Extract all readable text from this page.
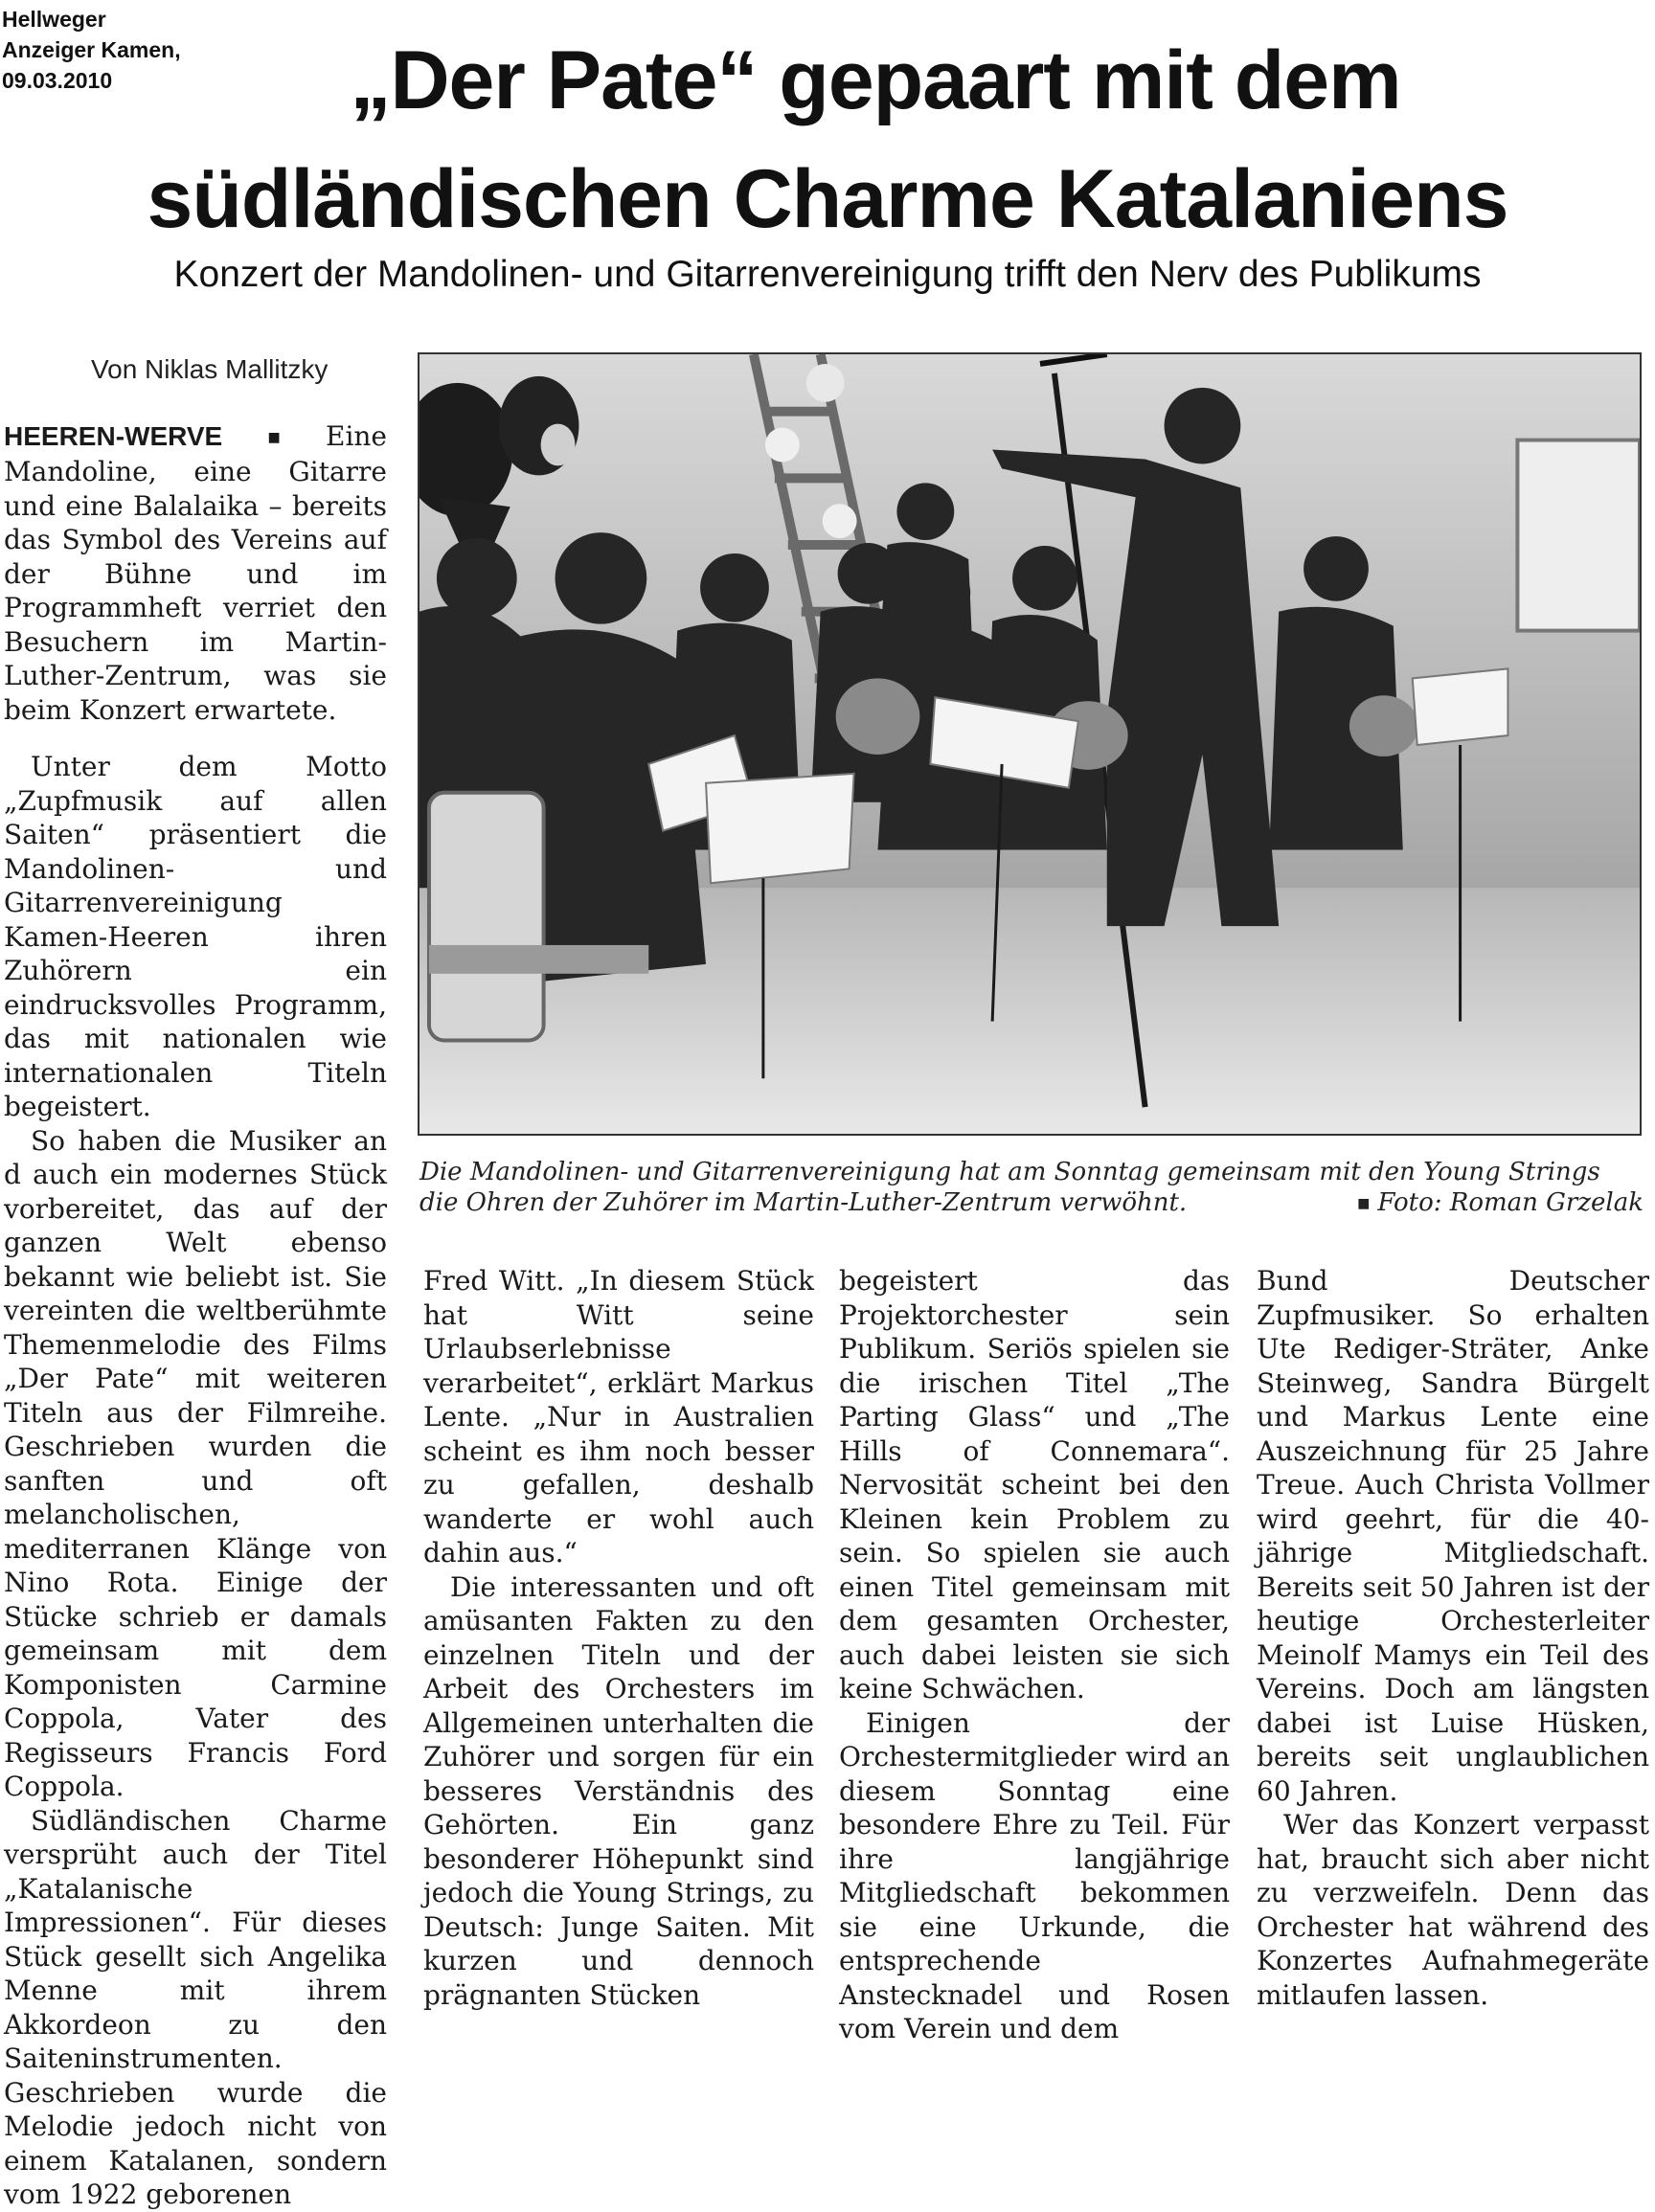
Hellweger
Anzeiger Kamen,
09.03.2010	„Der Pate“ gepaart mit dem
südländischen Charme Katalaniens
Konzert der Mandolinen- und Gitarrenvereinigung trifft den Nerv des Publikums
Von Niklas Mallitzky
Die Mandolinen- und Gitarrenvereinigung hat am Sonntag gemeinsam mit den Young Strings die Ohren der Zuhörer im Martin-Luther-Zentrum verwöhnt.	■ Foto: Roman Grzelak

HEEREN-WERVE ■ Eine Mandoline, eine Gitarre und eine Balalaika – bereits das Symbol des Vereins auf der Bühne und im Programmheft verriet den Besuchern im Martin-Luther-Zentrum, was sie beim Konzert erwartete.

Unter dem Motto „Zupfmusik auf allen Saiten“ präsentiert die Mandolinen- und Gitarrenvereinigung Kamen-Heeren ihren Zuhörern ein eindrucksvolles Programm, das mit nationalen wie internationalen Titeln begeistert.

So haben die Musiker an d auch ein modernes Stück vorbereitet, das auf der ganzen Welt ebenso bekannt wie beliebt ist. Sie vereinten die weltberühmte Themenmelodie des Films „Der Pate“ mit weiteren Titeln aus der Filmreihe. Geschrieben wurden die sanften und oft melancholischen, mediterranen Klänge von Nino Rota. Einige der Stücke schrieb er damals gemeinsam mit dem Komponisten Carmine Coppola, Vater des Regisseurs Francis Ford Coppola.

Südländischen Charme versprüht auch der Titel „Katalanische Impressionen“. Für dieses Stück gesellt sich Angelika Menne mit ihrem Akkordeon zu den Saiteninstrumenten. Geschrieben wurde die Melodie jedoch nicht von einem Katalanen, sondern vom 1922 geborenen

Fred Witt. „In diesem Stück hat Witt seine Urlaubserlebnisse verarbeitet“, erklärt Markus Lente. „Nur in Australien scheint es ihm noch besser zu gefallen, deshalb wanderte er wohl auch dahin aus.“

Die interessanten und oft amüsanten Fakten zu den einzelnen Titeln und der Arbeit des Orchesters im Allgemeinen unterhalten die Zuhörer und sorgen für ein besseres Verständnis des Gehörten. Ein ganz besonderer Höhepunkt sind jedoch die Young Strings, zu Deutsch: Junge Saiten. Mit kurzen und dennoch prägnanten Stücken

begeistert das Projektorchester sein Publikum. Seriös spielen sie die irischen Titel „The Parting Glass“ und „The Hills of Connemara“. Nervosität scheint bei den Kleinen kein Problem zu sein. So spielen sie auch einen Titel gemeinsam mit dem gesamten Orchester, auch dabei leisten sie sich keine Schwächen.

Einigen der Orchestermitglieder wird an diesem Sonntag eine besondere Ehre zu Teil. Für ihre langjährige Mitgliedschaft bekommen sie eine Urkunde, die entsprechende Anstecknadel und Rosen vom Verein und dem

Bund Deutscher Zupfmusiker. So erhalten Ute Rediger-Sträter, Anke Steinweg, Sandra Bürgelt und Markus Lente eine Auszeichnung für 25 Jahre Treue. Auch Christa Vollmer wird geehrt, für die 40-jährige Mitgliedschaft. Bereits seit 50 Jahren ist der heutige Orchesterleiter Meinolf Mamys ein Teil des Vereins. Doch am längsten dabei ist Luise Hüsken, bereits seit unglaublichen 60 Jahren.

Wer das Konzert verpasst hat, braucht sich aber nicht zu verzweifeln. Denn das Orchester hat während des Konzertes Aufnahmegeräte mitlaufen lassen.
